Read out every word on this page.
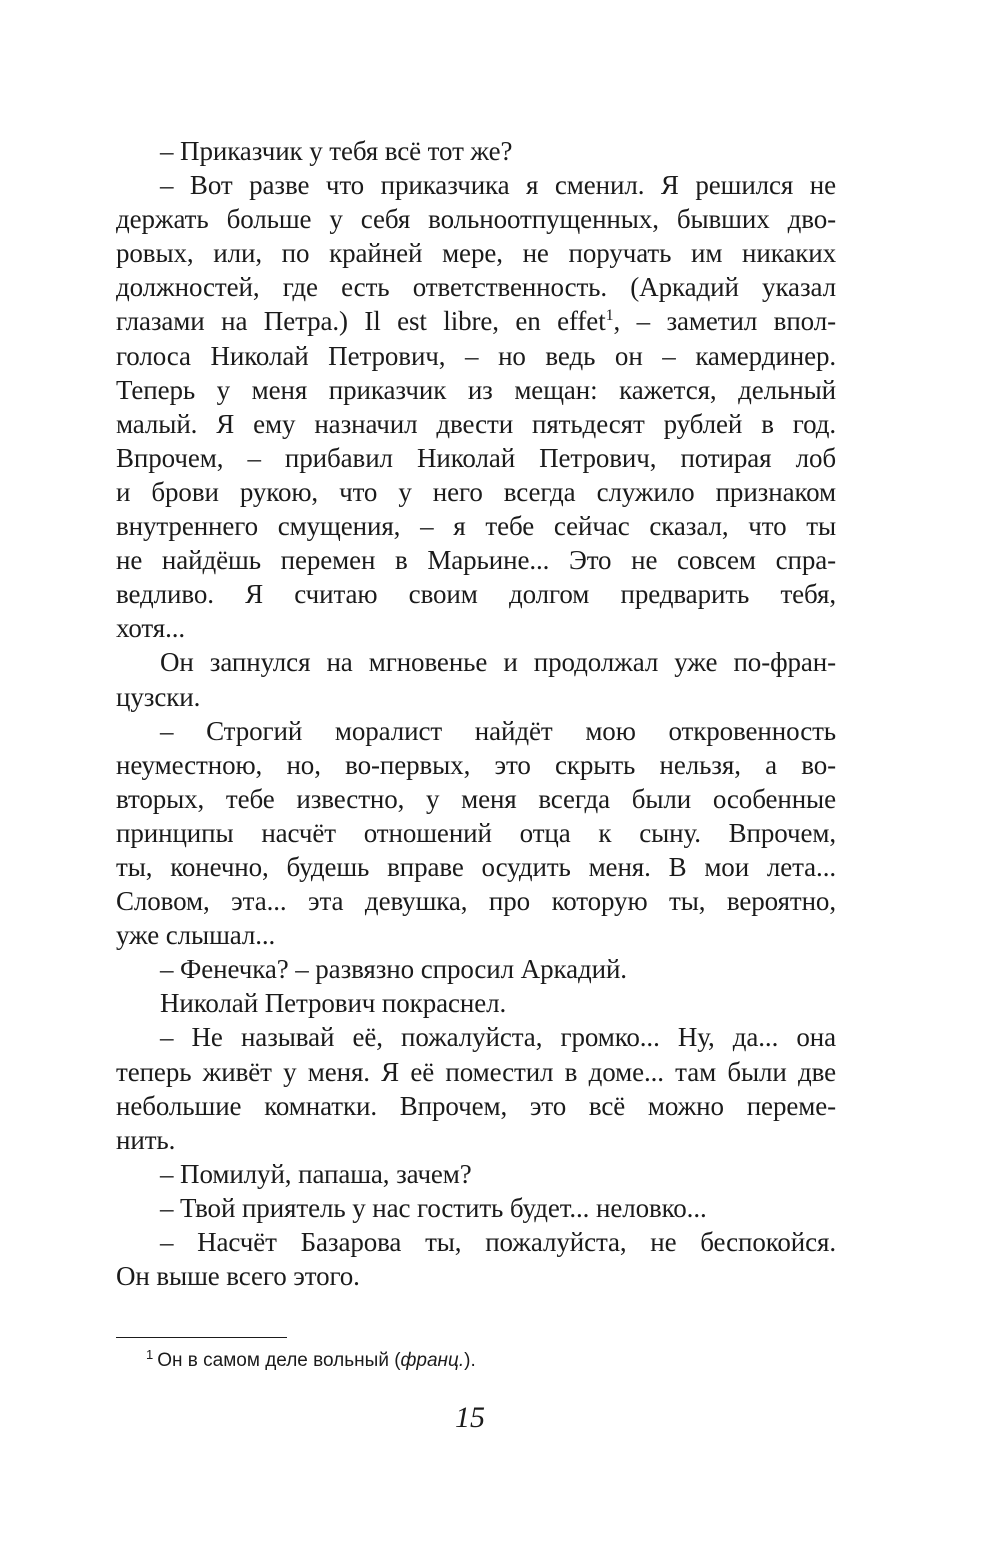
– Приказчик у тебя всё тот же?
– Вот разве что приказчика я сменил. Я решился не
держать больше у себя вольноотпущенных, бывших дво-
ровых, или, по крайней мере, не поручать им никаких
должностей, где есть ответственность. (Аркадий указал
глазами на Петра.) Il est libre, en effet$^1$, – заметил впол-
голоса Николай Петрович, – но ведь он – камердинер.
Теперь у меня приказчик из мещан: кажется, дельный
малый. Я ему назначил двести пятьдесят рублей в год.
Впрочем, – прибавил Николай Петрович, потирая лоб
и брови рукою, что у него всегда служило признаком
внутреннего смущения, – я тебе сейчас сказал, что ты
не найдёшь перемен в Марьине... Это не совсем спра-
ведливо. Я считаю своим долгом предварить тебя,
хотя...
Он запнулся на мгновенье и продолжал уже по-фран-
цузски.
– Строгий моралист найдёт мою откровенность
неуместною, но, во-первых, это скрыть нельзя, а во-
вторых, тебе известно, у меня всегда были особенные
принципы насчёт отношений отца к сыну. Впрочем,
ты, конечно, будешь вправе осудить меня. В мои лета...
Словом, эта... эта девушка, про которую ты, вероятно,
уже слышал...
– Фенечка? – развязно спросил Аркадий.
Николай Петрович покраснел.
– Не называй её, пожалуйста, громко... Ну, да... она
теперь живёт у меня. Я её поместил в доме... там были две
небольшие комнатки. Впрочем, это всё можно переме-
нить.
– Помилуй, папаша, зачем?
– Твой приятель у нас гостить будет... неловко...
– Насчёт Базарова ты, пожалуйста, не беспокойся.
Он выше всего этого.
$^1$ Он в самом деле вольный (франц.).
15
